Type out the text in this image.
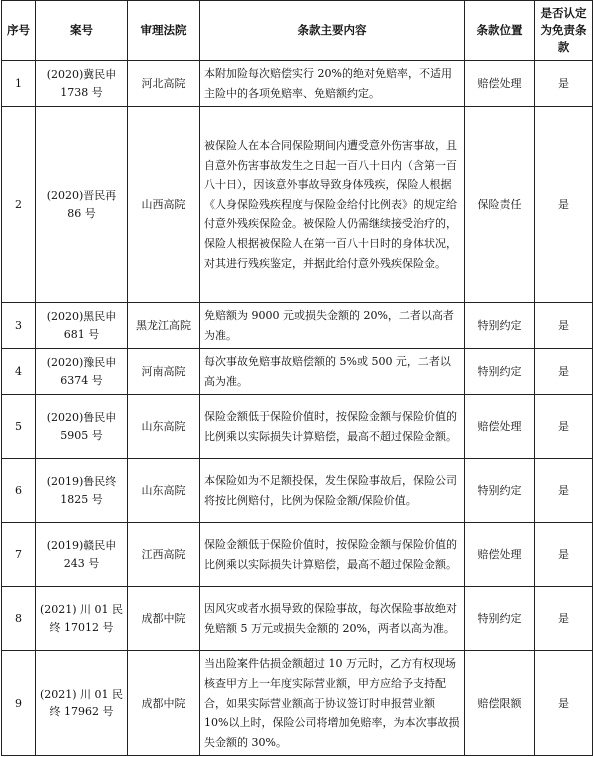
序号	案号	审理法院	条款主要内容	条款位置	是否认定为免责条款
1	(2020)冀民申 1738 号	河北高院	本附加险每次赔偿实行 20%的绝对免赔率，不适用主险中的各项免赔率、免赔额约定。	赔偿处理	是
2	(2020)晋民再 86 号	山西高院	被保险人在本合同保险期间内遭受意外伤害事故，且自意外伤害事故发生之日起一百八十日内（含第一百八十日），因该意外事故导致身体残疾，保险人根据《人身保险残疾程度与保险金给付比例表》的规定给付意外残疾保险金。被保险人仍需继续接受治疗的，保险人根据被保险人在第一百八十日时的身体状况，对其进行残疾鉴定，并据此给付意外残疾保险金。	保险责任	是
3	(2020)黑民申 681 号	黑龙江高院	免赔额为 9000 元或损失金额的 20%，二者以高者为准。	特别约定	是
4	(2020)豫民申 6374 号	河南高院	每次事故免赔事故赔偿额的 5%或 500 元，二者以高为准。	特别约定	是
5	(2020)鲁民申 5905 号	山东高院	保险金额低于保险价值时，按保险金额与保险价值的比例乘以实际损失计算赔偿，最高不超过保险金额。	赔偿处理	是
6	(2019)鲁民终 1825 号	山东高院	本保险如为不足额投保，发生保险事故后，保险公司将按比例赔付，比例为保险金额/保险价值。	特别约定	是
7	(2019)赣民申 243 号	江西高院	保险金额低于保险价值时，按保险金额与保险价值的比例乘以实际损失计算赔偿，最高不超过保险金额。	赔偿处理	是
8	(2021) 川 01 民 终 17012 号	成都中院	因风灾或者水损导致的保险事故，每次保险事故绝对免赔额 5 万元或损失金额的 20%，两者以高为准。	特别约定	是
9	(2021) 川 01 民 终 17962 号	成都中院	当出险案件估损金额超过 10 万元时，乙方有权现场核查甲方上一年度实际营业额，甲方应给予支持配合，如果实际营业额高于协议签订时申报营业额 10%以上时，保险公司将增加免赔率，为本次事故损失金额的 30%。	赔偿限额	是
